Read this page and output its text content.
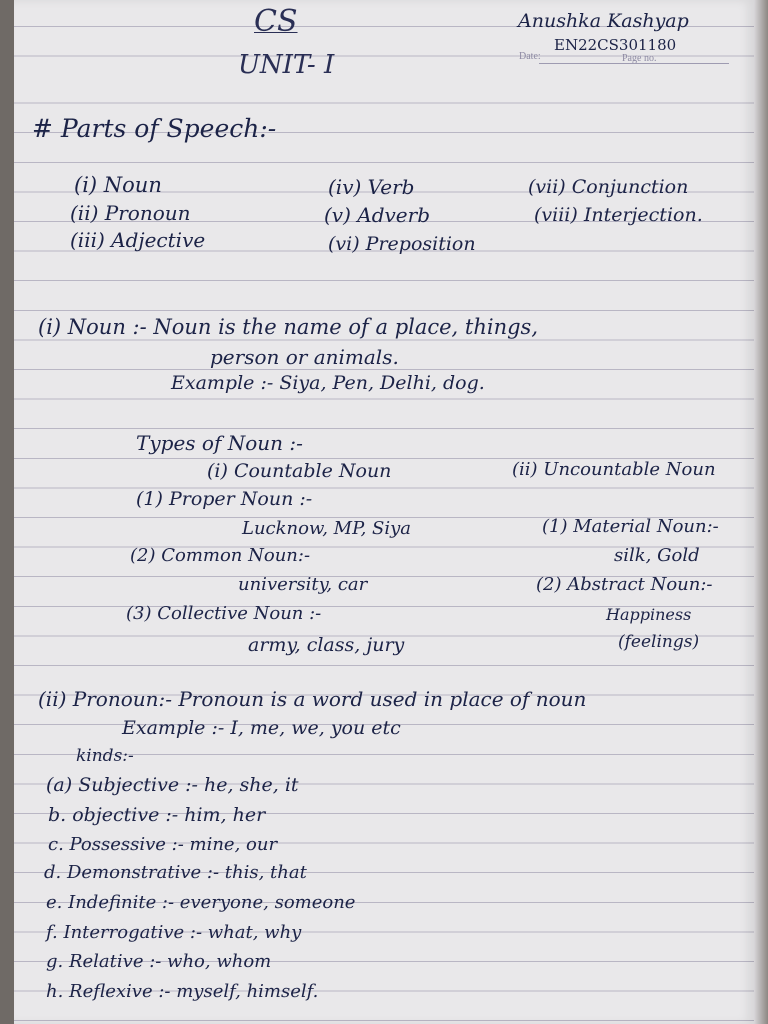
CS
UNIT- I
Anushka Kashyap
EN22CS301180
Date:	Page no.
# Parts of Speech:-
(i) Noun
(ii) Pronoun
(iii) Adjective
(iv) Verb
(v) Adverb
(vi) Preposition
(vii) Conjunction
(viii) Interjection.
(i) Noun :- Noun is the name of a place, things,
person or animals.
Example :- Siya, Pen, Delhi, dog.
Types of Noun :-
(i) Countable Noun	(ii) Uncountable Noun
(1) Proper Noun :-
Lucknow, MP, Siya
(2) Common Noun:-
university, car
(3) Collective Noun :-
army, class, jury
(1) Material Noun:-
silk, Gold
(2) Abstract Noun:-
Happiness
(feelings)
(ii) Pronoun:- Pronoun is a word used in place of noun
Example :- I, me, we, you etc
kinds:-
(a) Subjective :- he, she, it
b. objective :- him, her
c. Possessive :- mine, our
d. Demonstrative :- this, that
e. Indefinite :- everyone, someone
f. Interrogative :- what, why
g. Relative :- who, whom
h. Reflexive :- myself, himself.
